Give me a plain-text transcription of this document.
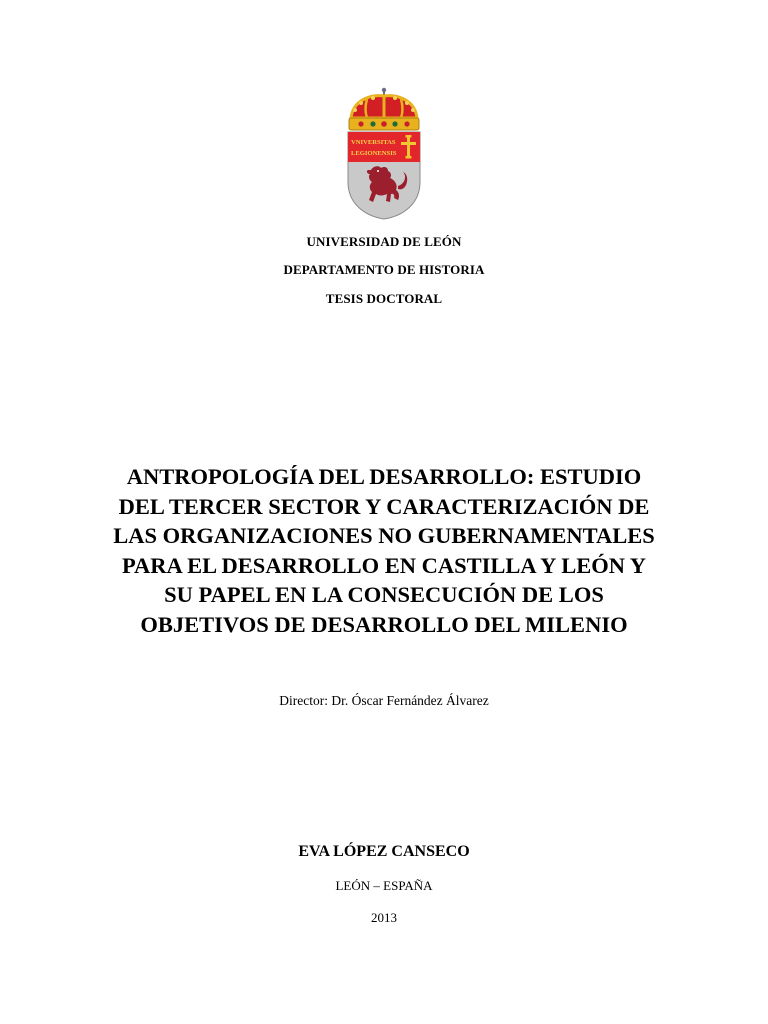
VNIVERSITAS
LEGIONENSIS
UNIVERSIDAD DE LEÓN
DEPARTAMENTO DE HISTORIA
TESIS DOCTORAL
ANTROPOLOGÍA DEL DESARROLLO: ESTUDIO
DEL TERCER SECTOR Y CARACTERIZACIÓN DE
LAS ORGANIZACIONES NO GUBERNAMENTALES
PARA EL DESARROLLO EN CASTILLA Y LEÓN Y
SU PAPEL EN LA CONSECUCIÓN DE LOS
OBJETIVOS DE DESARROLLO DEL MILENIO
Director: Dr. Óscar Fernández Álvarez
EVA LÓPEZ CANSECO
LEÓN – ESPAÑA
2013
